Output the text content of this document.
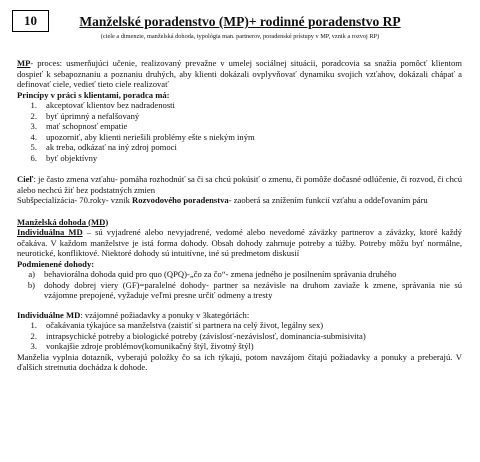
10	Manželské poradenstvo (MP)+ rodinné poradenstvo RP
(ciele a dimenzie, manželská dohoda, typológia man. partnerov, poradenské prístupy v MP, vznik a rozvoj RP)

MP- proces: usmerňujúci učenie, realizovaný prevažne v umelej sociálnej situácii, poradcovia sa snažia pomôcť klientom dospieť k sebapoznaniu a poznaniu druhých, aby klienti dokázali ovplyvňovať dynamiku svojich vzťahov, dokázali chápať a definovať ciele, vedieť tieto ciele realizovať

Princípy v práci s klientami, poradca má:

1.	akceptovať klientov bez nadradenosti
2.	byť úprimný a nefalšovaný
3.	mať schopnosť empatie
4.	upozorniť, aby klienti neriešili problémy ešte s niekým iným
5.	ak treba, odkázať na iný zdroj pomoci
6.	byť objektívny

Cieľ: je často zmena vzťahu- pomáha rozhodnúť sa či sa chcú pokúsiť o zmenu, či pomôže dočasné odlúčenie, či rozvod, či chcú alebo nechcú žiť bez podstatných zmien

Subšpecializácia- 70.roky- vznik Rozvodového poradenstva- zaoberá sa znížením funkcií vzťahu a oddeľovaním páru

Manželská dohoda (MD)

Individuálna MD – sú vyjadrené alebo nevyjadrené, vedomé alebo nevedomé záväzky partnerov a záväzky, ktoré každý očakáva. V každom manželstve je istá forma dohody. Obsah dohody zahrnuje potreby a túžby. Potreby môžu byť normálne, neurotické, konfliktové. Niektoré dohody sú intuitívne, iné sú predmetom diskusií

Podmienené dohody:

a)	behaviorálna dohoda quid pro quo (QPQ)-„čo za čo“- zmena jedného je posilnením správania druhého
b)	dohody dobrej viery (GF)=paralelné dohody- partner sa nezávisle na druhom zaviaže k zmene, správania nie sú vzájomne prepojené, vyžaduje veľmi presne určiť odmeny a tresty

Individuálne MD: vzájomné požiadavky a ponuky v 3kategóriách:

1.	očakávania týkajúce sa manželstva (zaistiť si partnera na celý život, legálny sex)
2.	intrapsychické potreby a biologické potreby (závislosť-nezávislosť, dominancia-submisivita)
3.	vonkajšie zdroje problémov(komunikačný štýl, životný štýl)

Manželia vyplnia dotazník, vyberajú položky čo sa ich týkajú, potom navzájom čítajú požiadavky a ponuky a preberajú. V ďalších stretnutia dochádza k dohode.
